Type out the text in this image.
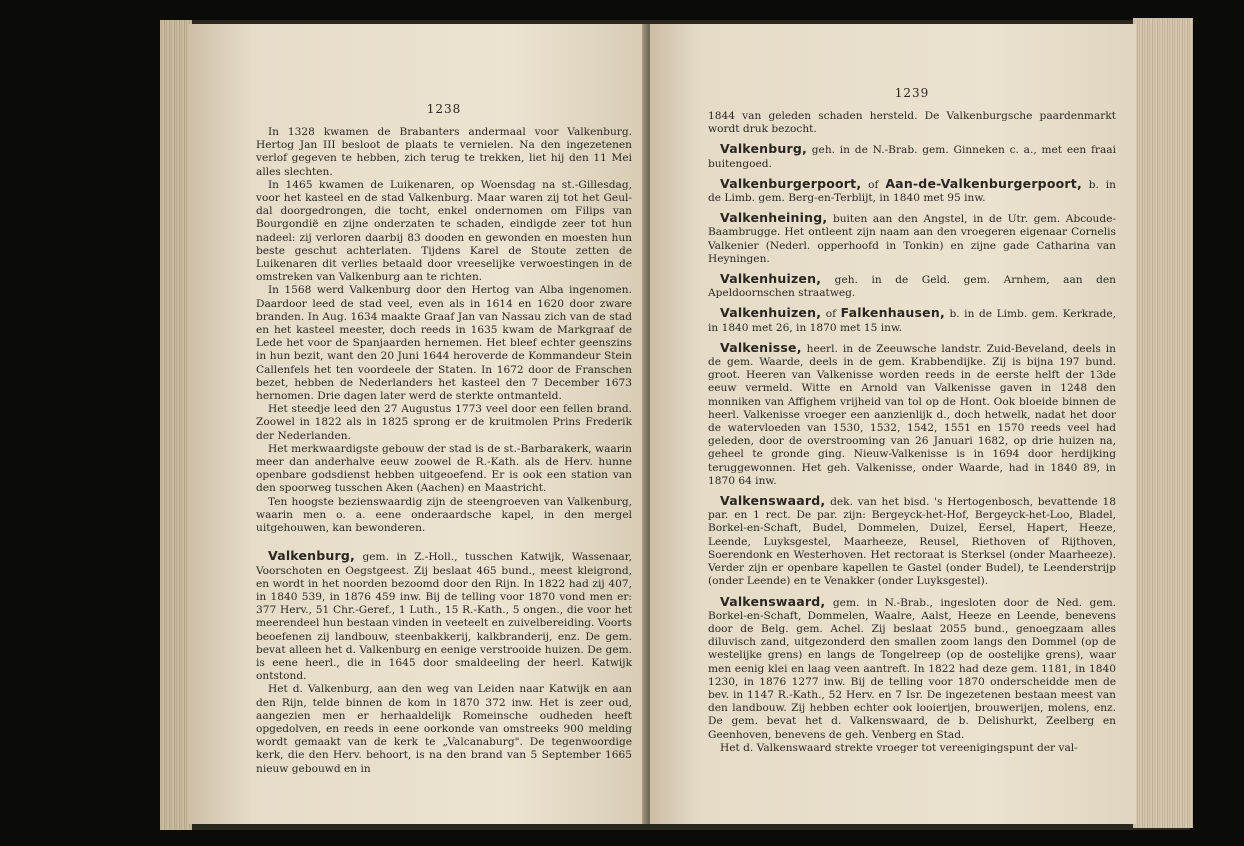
1238

In 1328 kwamen de Brabanters andermaal voor Valkenburg. Hertog Jan III besloot de plaats te vernielen. Na den ingezetenen verlof gegeven te hebben, zich terug te trekken, liet hij den 11 Mei alles slechten.

In 1465 kwamen de Luikenaren, op Woensdag na st.-Gillesdag, voor het kasteel en de stad Valkenburg. Maar waren zij tot het Geul-dal doorgedrongen, die tocht, enkel ondernomen om Filips van Bourgondië en zijne onderzaten te schaden, eindigde zeer tot hun nadeel: zij verloren daarbij 83 dooden en gewonden en moesten hun beste geschut achterlaten. Tijdens Karel de Stoute zetten de Luikenaren dit verlies betaald door vreeselijke verwoestingen in de omstreken van Valkenburg aan te richten.

In 1568 werd Valkenburg door den Hertog van Alba ingenomen. Daardoor leed de stad veel, even als in 1614 en 1620 door zware branden. In Aug. 1634 maakte Graaf Jan van Nassau zich van de stad en het kasteel meester, doch reeds in 1635 kwam de Markgraaf de Lede het voor de Spanjaarden hernemen. Het bleef echter geenszins in hun bezit, want den 20 Juni 1644 heroverde de Kommandeur Stein Callenfels het ten voordeele der Staten. In 1672 door de Franschen bezet, hebben de Nederlanders het kasteel den 7 December 1673 hernomen. Drie dagen later werd de sterkte ontmanteld.

Het steedje leed den 27 Augustus 1773 veel door een fellen brand. Zoowel in 1822 als in 1825 sprong er de kruitmolen Prins Frederik der Nederlanden.

Het merkwaardigste gebouw der stad is de st.-Barbarakerk, waarin meer dan anderhalve eeuw zoowel de R.-Kath. als de Herv. hunne openbare godsdienst hebben uitgeoefend. Er is ook een station van den spoorweg tusschen Aken (Aachen) en Maastricht.

Ten hoogste bezienswaardig zijn de steengroeven van Valkenburg, waarin men o. a. eene onderaardsche kapel, in den mergel uitgehouwen, kan bewonderen.

Valkenburg, gem. in Z.-Holl., tusschen Katwijk, Wassenaar, Voorschoten en Oegstgeest. Zij beslaat 465 bund., meest kleigrond, en wordt in het noorden bezoomd door den Rijn. In 1822 had zij 407, in 1840 539, in 1876 459 inw. Bij de telling voor 1870 vond men er: 377 Herv., 51 Chr.-Geref., 1 Luth., 15 R.-Kath., 5 ongen., die voor het meerendeel hun bestaan vinden in veeteelt en zuivelbereiding. Voorts beoefenen zij landbouw, steenbakkerij, kalkbranderij, enz. De gem. bevat alleen het d. Valkenburg en eenige verstrooide huizen. De gem. is eene heerl., die in 1645 door smaldeeling der heerl. Katwijk ontstond.

Het d. Valkenburg, aan den weg van Leiden naar Katwijk en aan den Rijn, telde binnen de kom in 1870 372 inw. Het is zeer oud, aangezien men er herhaaldelijk Romeinsche oudheden heeft opgedolven, en reeds in eene oorkonde van omstreeks 900 melding wordt gemaakt van de kerk te „Valcanaburg". De tegenwoordige kerk, die den Herv. behoort, is na den brand van 5 September 1665 nieuw gebouwd en in

1239

1844 van geleden schaden hersteld. De Valkenburgsche paardenmarkt wordt druk bezocht.

Valkenburg, geh. in de N.-Brab. gem. Ginneken c. a., met een fraai buitengoed.

Valkenburgerpoort, of Aan-de-Valkenburgerpoort, b. in de Limb. gem. Berg-en-Terblijt, in 1840 met 95 inw.

Valkenheining, buiten aan den Angstel, in de Utr. gem. Abcoude-Baambrugge. Het ontleent zijn naam aan den vroegeren eigenaar Cornelis Valkenier (Nederl. opperhoofd in Tonkin) en zijne gade Catharina van Heyningen.

Valkenhuizen, geh. in de Geld. gem. Arnhem, aan den Apeldoornschen straatweg.

Valkenhuizen, of Falkenhausen, b. in de Limb. gem. Kerkrade, in 1840 met 26, in 1870 met 15 inw.

Valkenisse, heerl. in de Zeeuwsche landstr. Zuid-Beveland, deels in de gem. Waarde, deels in de gem. Krabbendijke. Zij is bijna 197 bund. groot. Heeren van Valkenisse worden reeds in de eerste helft der 13de eeuw vermeld. Witte en Arnold van Valkenisse gaven in 1248 den monniken van Affighem vrijheid van tol op de Hont. Ook bloeide binnen de heerl. Valkenisse vroeger een aanzienlijk d., doch hetwelk, nadat het door de watervloeden van 1530, 1532, 1542, 1551 en 1570 reeds veel had geleden, door de overstrooming van 26 Januari 1682, op drie huizen na, geheel te gronde ging. Nieuw-Valkenisse is in 1694 door herdijking teruggewonnen. Het geh. Valkenisse, onder Waarde, had in 1840 89, in 1870 64 inw.

Valkenswaard, dek. van het bisd. 's Hertogenbosch, bevattende 18 par. en 1 rect. De par. zijn: Bergeyck-het-Hof, Bergeyck-het-Loo, Bladel, Borkel-en-Schaft, Budel, Dommelen, Duizel, Eersel, Hapert, Heeze, Leende, Luyksgestel, Maarheeze, Reusel, Riethoven of Rijthoven, Soerendonk en Westerhoven. Het rectoraat is Sterksel (onder Maarheeze). Verder zijn er openbare kapellen te Gastel (onder Budel), te Leenderstrijp (onder Leende) en te Venakker (onder Luyksgestel).

Valkenswaard, gem. in N.-Brab., ingesloten door de Ned. gem. Borkel-en-Schaft, Dommelen, Waalre, Aalst, Heeze en Leende, benevens door de Belg. gem. Achel. Zij beslaat 2055 bund., genoegzaam alles diluvisch zand, uitgezonderd den smallen zoom langs den Dommel (op de westelijke grens) en langs de Tongelreep (op de oostelijke grens), waar men eenig klei en laag veen aantreft. In 1822 had deze gem. 1181, in 1840 1230, in 1876 1277 inw. Bij de telling voor 1870 onderscheidde men de bev. in 1147 R.-Kath., 52 Herv. en 7 Isr. De ingezetenen bestaan meest van den landbouw. Zij hebben echter ook looierijen, brouwerijen, molens, enz. De gem. bevat het d. Valkenswaard, de b. Delishurkt, Zeelberg en Geenhoven, benevens de geh. Venberg en Stad.

Het d. Valkenswaard strekte vroeger tot vereenigingspunt der val-
